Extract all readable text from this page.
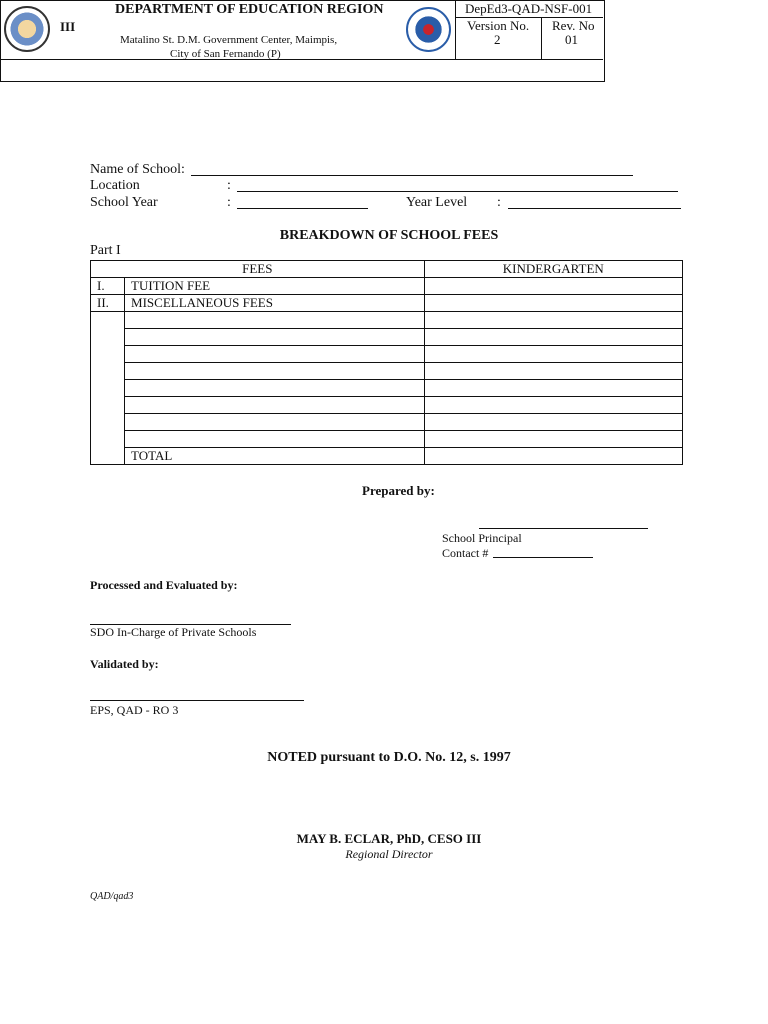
III
DEPARTMENT OF EDUCATION REGION
Matalino St. D.M. Government Center, Maimpis,
City of San Fernando (P)
DepEd3-QAD-NSF-001
Version No.
2
Rev. No
01
Name of School:
Location	:
School Year	:	Year Level :
BREAKDOWN OF SCHOOL FEES
Part I
FEES		KINDERGARTEN
I.	TUITION FEE	
II.	MISCELLANEOUS FEES	

	TOTAL	
Prepared by:
School Principal
Contact #
Processed and Evaluated by:
SDO In-Charge of Private Schools
Validated by:
EPS, QAD - RO 3
NOTED pursuant to D.O. No. 12, s. 1997
MAY B. ECLAR, PhD, CESO III
Regional Director
QAD/qad3
